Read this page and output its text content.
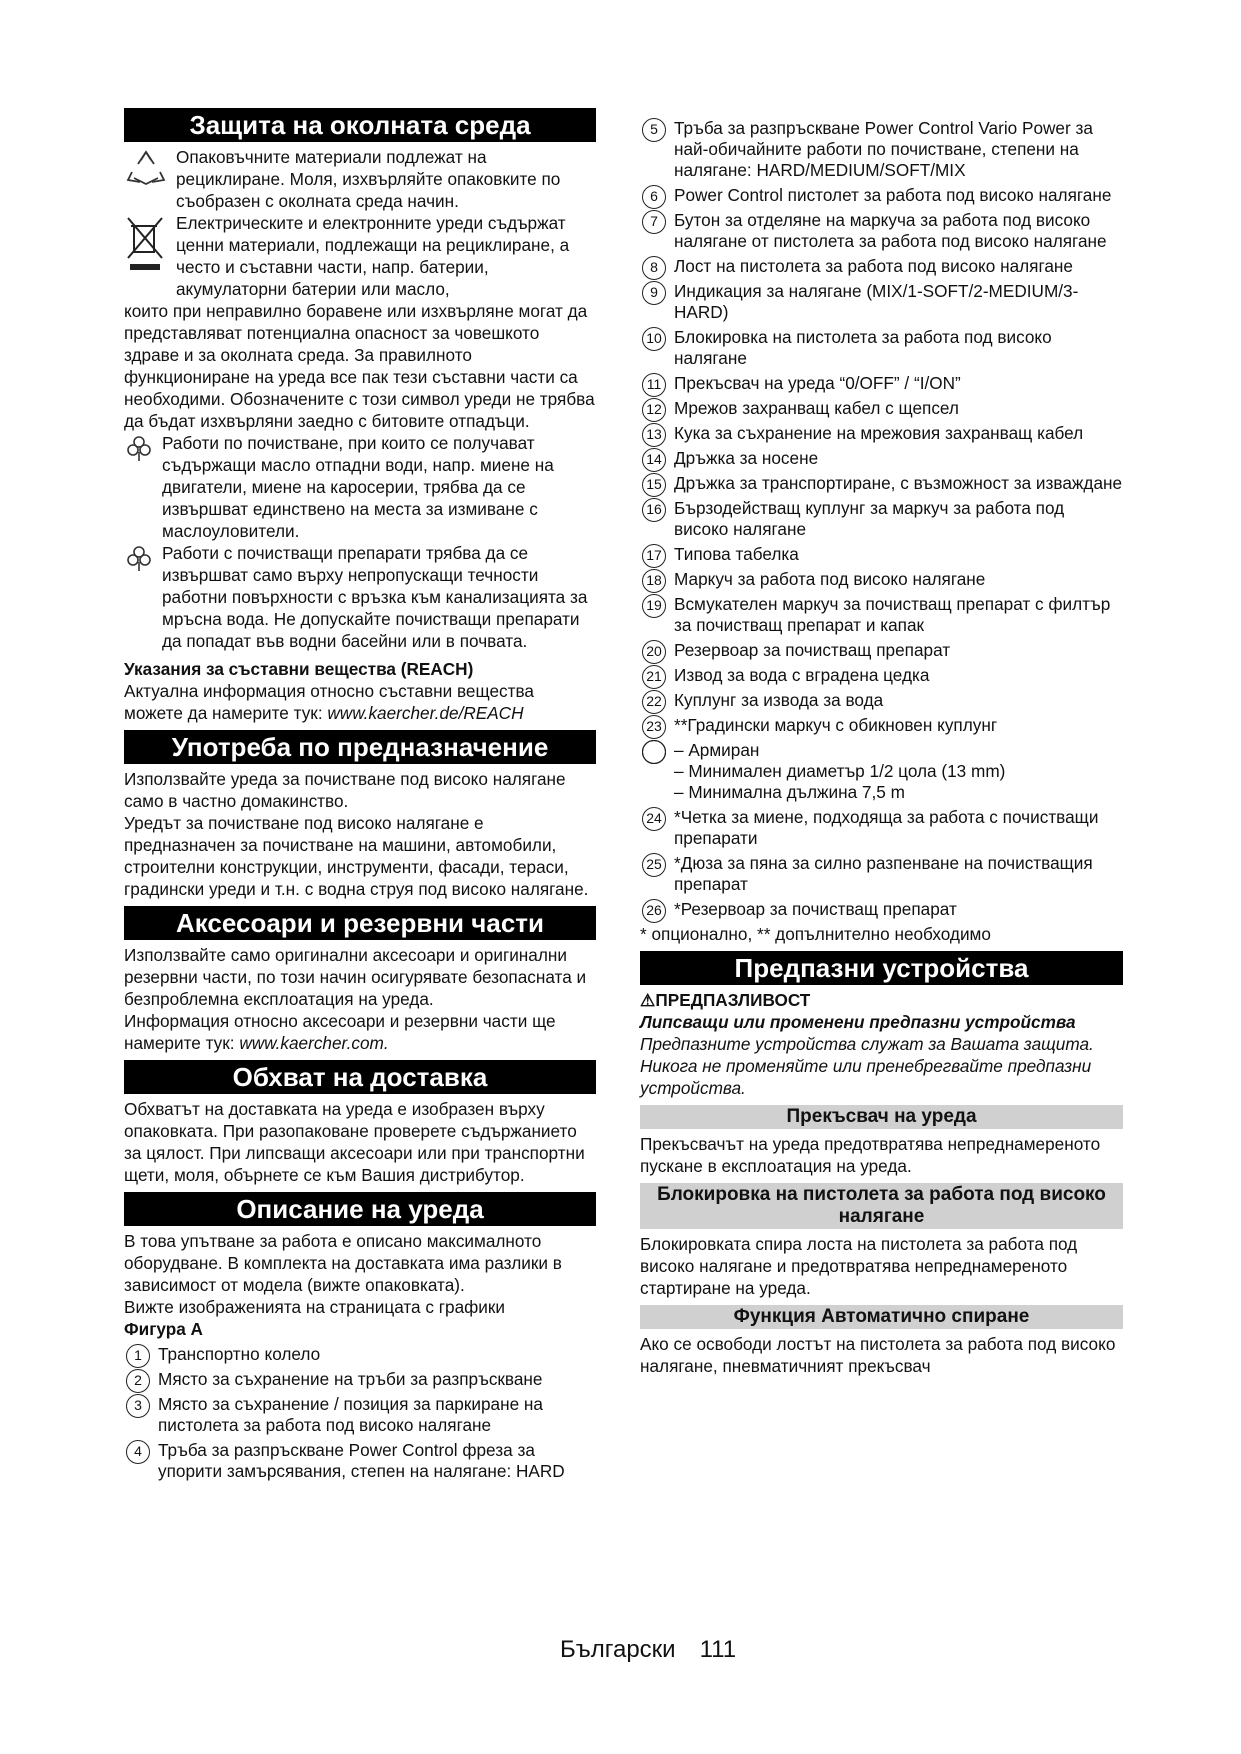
Защита на околната среда

Опаковъчните материали подлежат на рециклиране. Моля, изхвърляйте опаковките по съобразен с околната среда начин.

Електрическите и електронните уреди съдържат ценни материали, подлежащи на рециклиране, а често и съставни части, напр. батерии, акумулаторни батерии или масло,

които при неправилно боравене или изхвърляне могат да представляват потенциална опасност за човешкото здраве и за околната среда. За правилното функциониране на уреда все пак тези съставни части са необходими. Обозначените с този символ уреди не трябва да бъдат изхвърляни заедно с битовите отпадъци.

Работи по почистване, при които се получават съдържащи масло отпадни води, напр. миене на двигатели, миене на каросерии, трябва да се извършват единствено на места за измиване с маслоуловители.

Работи с почистващи препарати трябва да се извършват само върху непропускащи течности работни повърхности с връзка към канализацията за мръсна вода. Не допускайте почистващи препарати да попадат във водни басейни или в почвата.

Указания за съставни вещества (REACH)

Актуална информация относно съставни вещества можете да намерите тук: www.kaercher.de/REACH

Употреба по предназначение

Използвайте уреда за почистване под високо налягане само в частно домакинство.

Уредът за почистване под високо налягане е предназначен за почистване на машини, автомобили, строителни конструкции, инструменти, фасади, тераси, градински уреди и т.н. с водна струя под високо налягане.

Аксесоари и резервни части

Използвайте само оригинални аксесоари и оригинални резервни части, по този начин осигурявате безопасната и безпроблемна експлоатация на уреда.

Информация относно аксесоари и резервни части ще намерите тук: www.kaercher.com.

Обхват на доставка

Обхватът на доставката на уреда е изобразен върху опаковката. При разопаковане проверете съдържанието за цялост. При липсващи аксесоари или при транспортни щети, моля, обърнете се към Вашия дистрибутор.

Описание на уреда

В това упътване за работа е описано максималното оборудване. В комплекта на доставката има разлики в зависимост от модела (вижте опаковката).

Вижте изображенията на страницата с графики

Фигура A

1 Транспортно колело
2 Място за съхранение на тръби за разпръскване
3 Място за съхранение / позиция за паркиране на пистолета за работа под високо налягане
4 Тръба за разпръскване Power Control фреза за упорити замърсявания, степен на налягане: HARD
5 Тръба за разпръскване Power Control Vario Power за най-обичайните работи по почистване, степени на налягане: HARD/MEDIUM/SOFT/MIX
6 Power Control пистолет за работа под високо налягане
7 Бутон за отделяне на маркуча за работа под високо налягане от пистолета за работа под високо налягане
8 Лост на пистолета за работа под високо налягане
9 Индикация за налягане (MIX/1-SOFT/2-MEDIUM/3-HARD)
10 Блокировка на пистолета за работа под високо налягане
11 Прекъсвач на уреда “0/OFF” / “I/ON”
12 Мрежов захранващ кабел с щепсел
13 Кука за съхранение на мрежовия захранващ кабел
14 Дръжка за носене
15 Дръжка за транспортиране, с възможност за изваждане
16 Бързодействащ куплунг за маркуч за работа под високо налягане
17 Типова табелка
18 Маркуч за работа под високо налягане
19 Всмукателен маркуч за почистващ препарат с филтър за почистващ препарат и капак
20 Резервоар за почистващ препарат
21 Извод за вода с вградена цедка
22 Куплунг за извода за вода
23 **Градински маркуч с обикновен куплунг
– Армиран
– Минимален диаметър 1/2 цола (13 mm)
– Минимална дължина 7,5 m
24 *Четка за миене, подходяща за работа с почистващи препарати
25 *Дюза за пяна за силно разпенване на почистващия препарат
26 *Резервоар за почистващ препарат

* опционално, ** допълнително необходимо

Предпазни устройства

⚠ПРЕДПАЗЛИВОСТ

Липсващи или променени предпазни устройства

Предпазните устройства служат за Вашата защита.

Никога не променяйте или пренебрегвайте предпазни устройства.

Прекъсвач на уреда

Прекъсвачът на уреда предотвратява непреднамереното пускане в експлоатация на уреда.

Блокировка на пистолета за работа под високо налягане

Блокировката спира лоста на пистолета за работа под високо налягане и предотвратява непреднамереното стартиране на уреда.

Функция Автоматично спиране

Ако се освободи лостът на пистолета за работа под високо налягане, пневматичният прекъсвач

Български 111
